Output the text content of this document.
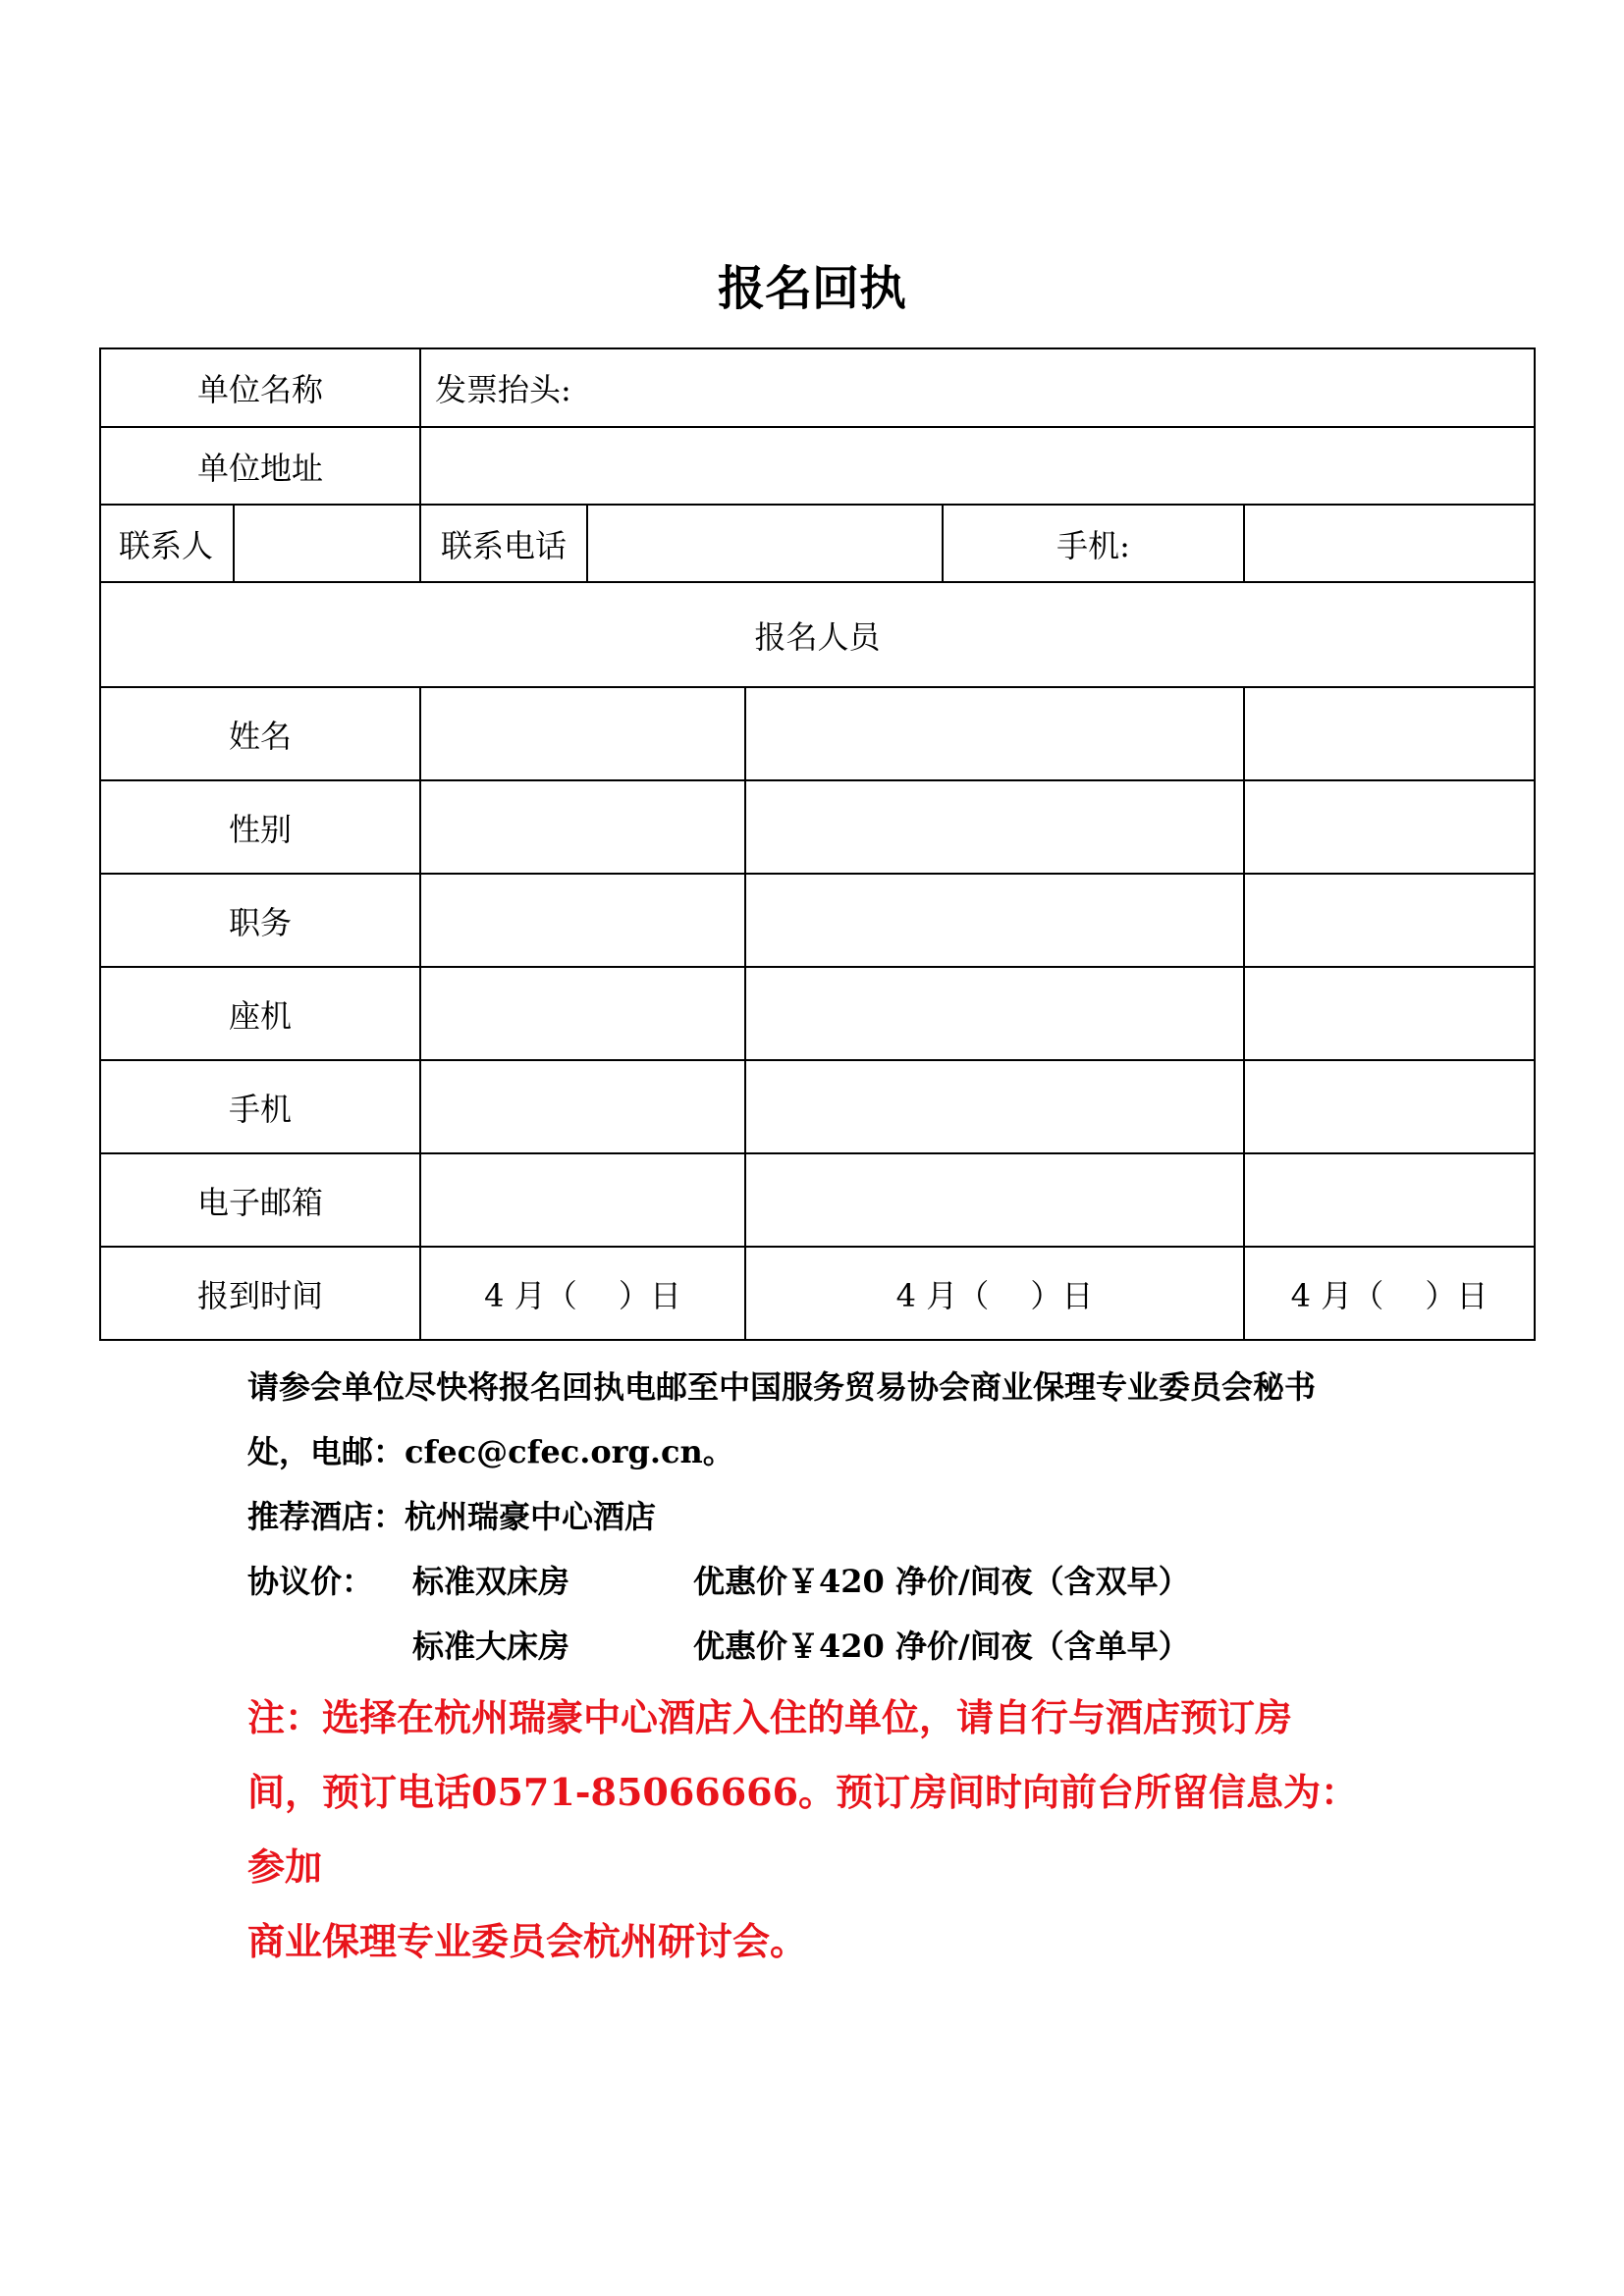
报名回执
单位名称		发票抬头:				
单位地址						
联系人		联系电话			手机:	
报名人员						
姓名						
性别						
职务						
座机						
手机						
电子邮箱						
报到时间		4 月（　 ）日		4 月（　 ）日		4 月（　 ）日

请参会单位尽快将报名回执电邮至中国服务贸易协会商业保理专业委员会秘书

处，电邮：cfec@cfec.org.cn。

推荐酒店：杭州瑞豪中心酒店

协议价：	标准双床房	优惠价￥420 净价/间夜（含双早）
标准大床房	优惠价￥420 净价/间夜（含单早）

注：选择在杭州瑞豪中心酒店入住的单位，请自行与酒店预订房

间，预订电话0571-85066666。预订房间时向前台所留信息为：参加

商业保理专业委员会杭州研讨会。
